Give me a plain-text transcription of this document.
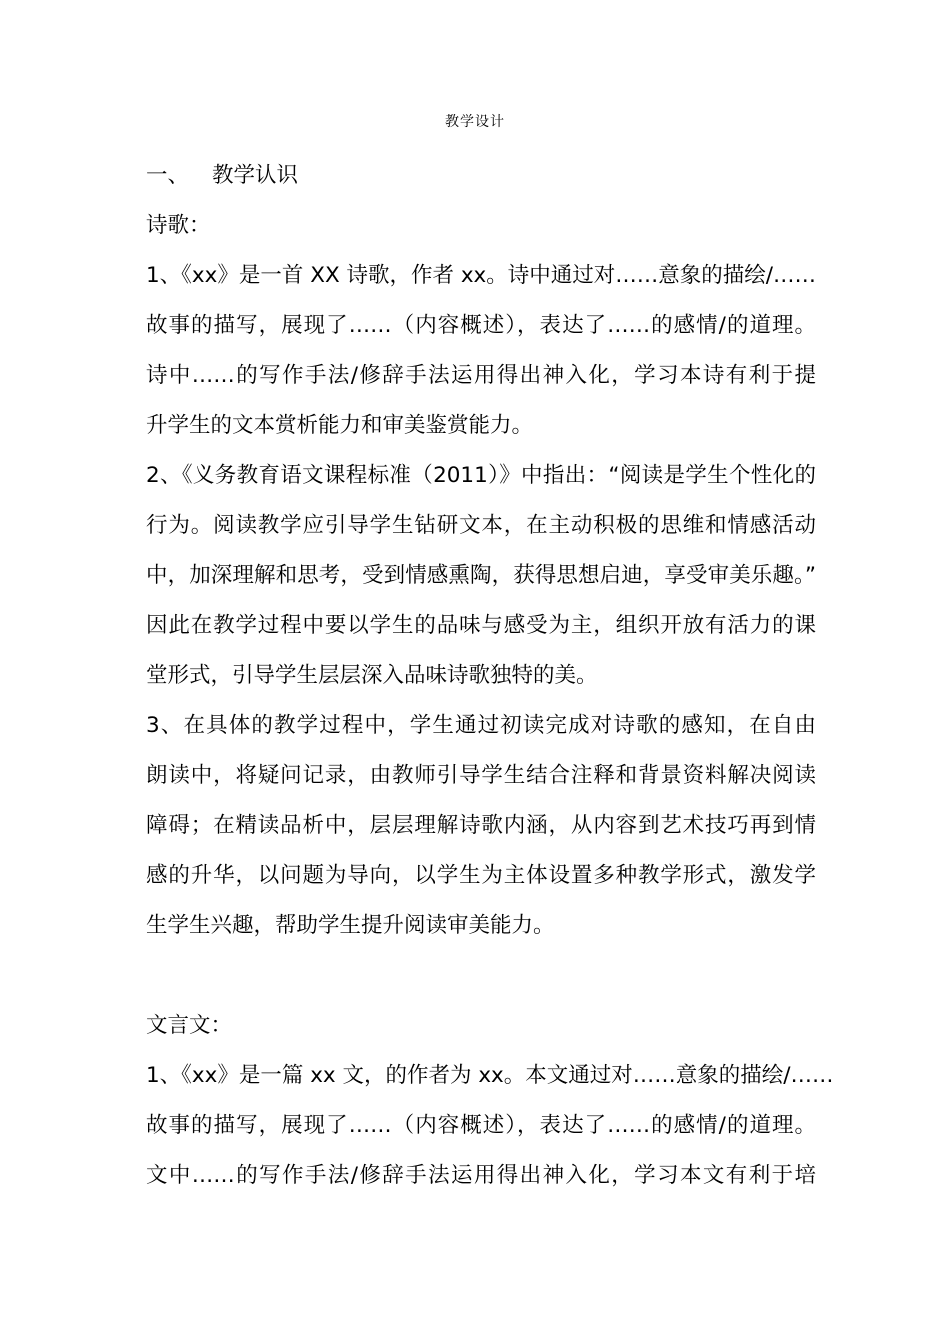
教学设计
一、 教学认识
诗歌：
1、《xx》是一首 XX 诗歌，作者 xx。诗中通过对……意象的描绘/……
故事的描写，展现了……（内容概述），表达了……的感情/的道理。
诗中……的写作手法/修辞手法运用得出神入化，学习本诗有利于提
升学生的文本赏析能力和审美鉴赏能力。
2、《义务教育语文课程标准（2011）》中指出：“阅读是学生个性化的
行为。阅读教学应引导学生钻研文本，在主动积极的思维和情感活动
中，加深理解和思考，受到情感熏陶，获得思想启迪，享受审美乐趣。”
因此在教学过程中要以学生的品味与感受为主，组织开放有活力的课
堂形式，引导学生层层深入品味诗歌独特的美。
3、在具体的教学过程中，学生通过初读完成对诗歌的感知，在自由
朗读中，将疑问记录，由教师引导学生结合注释和背景资料解决阅读
障碍；在精读品析中，层层理解诗歌内涵，从内容到艺术技巧再到情
感的升华，以问题为导向，以学生为主体设置多种教学形式，激发学
生学生兴趣，帮助学生提升阅读审美能力。
文言文：
1、《xx》是一篇 xx 文，的作者为 xx。本文通过对……意象的描绘/……
故事的描写，展现了……（内容概述），表达了……的感情/的道理。
文中……的写作手法/修辞手法运用得出神入化，学习本文有利于培
